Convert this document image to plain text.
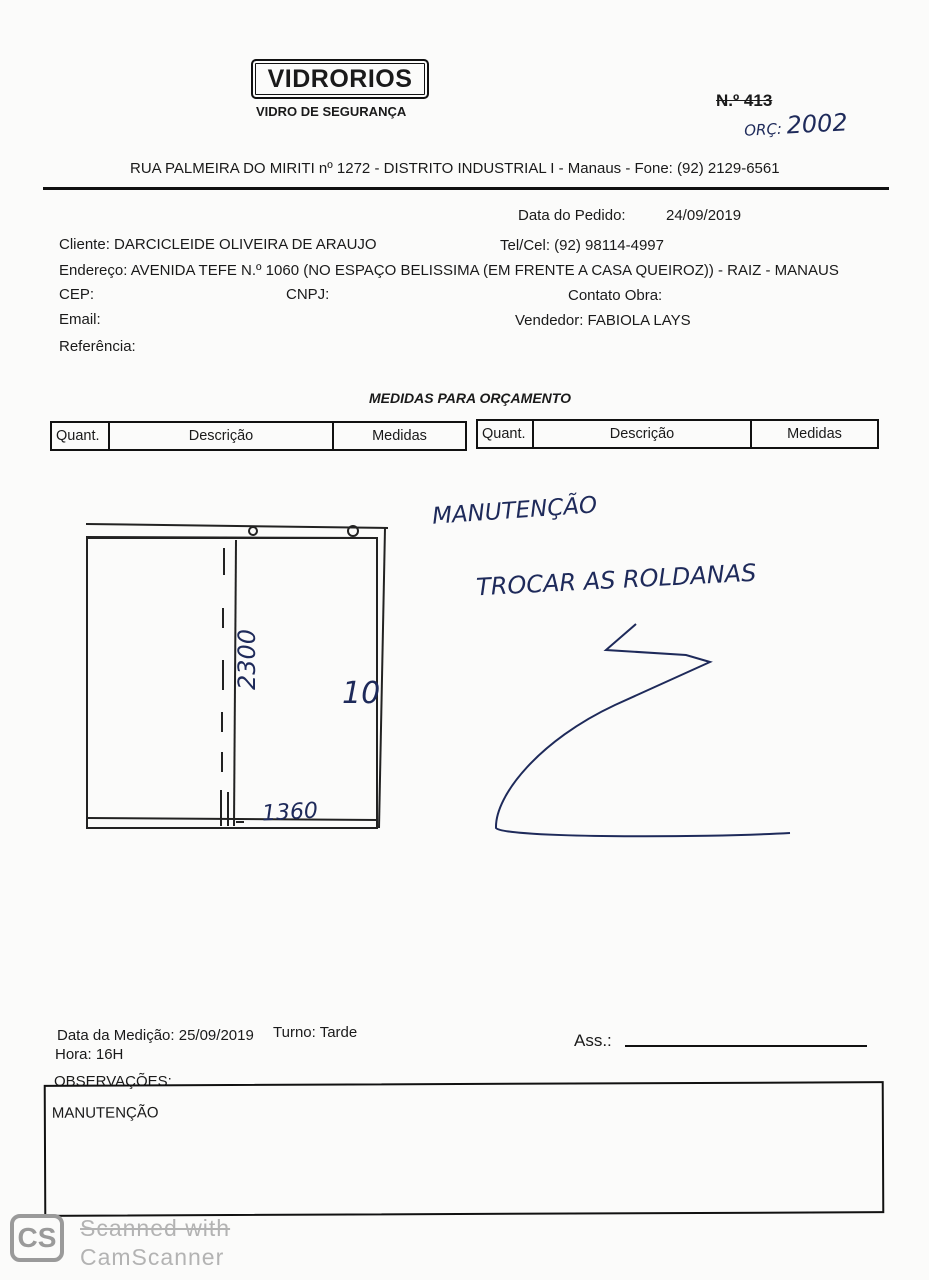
VIDRORIOS
VIDRO DE SEGURANÇA
N.º 413
ORÇ: 2002
RUA PALMEIRA DO MIRITI nº 1272 - DISTRITO INDUSTRIAL I - Manaus - Fone: (92) 2129-6561
Data do Pedido:	24/09/2019
Cliente: DARCICLEIDE OLIVEIRA DE ARAUJO	Tel/Cel: (92) 98114-4997
Endereço: AVENIDA TEFE N.º 1060 (NO ESPAÇO BELISSIMA (EM FRENTE A CASA QUEIROZ)) - RAIZ - MANAUS
CEP:	CNPJ:	Contato Obra:
Email:	Vendedor: FABIOLA LAYS
Referência:
MEDIDAS PARA ORÇAMENTO
Quant.	Descrição	Medidas	Quant.	Descrição	Medidas
2300
1360
10
MANUTENÇÃO
TROCAR AS ROLDANAS
Data da Medição: 25/09/2019 Turno: Tarde
Hora: 16H
Ass.:
OBSERVAÇÕES:
MANUTENÇÃO
CS Scanned with
CamScanner
